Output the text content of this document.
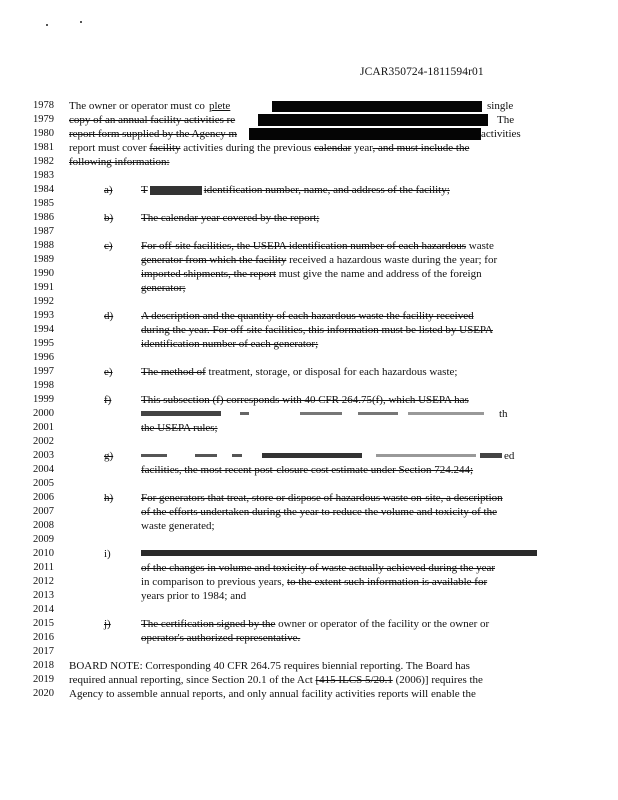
JCAR350724-1811594r01
1978 The owner or operator must co plete	single
1979 copy of an annual facility activities re	The
1980 report form supplied by the Agency m	activities
1981 report must cover facility activities during the previous calendar year, and must include the
1982 following information:
1983
1984	a)	T	identification number, name, and address of the facility;
1985
1986	b)	The calendar year covered by the report;
1987
1988	c)	For off-site facilities, the USEPA identification number of each hazardous waste
1989	generator from which the facility received a hazardous waste during the year; for
1990	imported shipments, the report must give the name and address of the foreign
1991	generator;
1992
1993	d)	A description and the quantity of each hazardous waste the facility received
1994	during the year. For off-site facilities, this information must be listed by USEPA
1995	identification number of each generator;
1996
1997	e)	The method of treatment, storage, or disposal for each hazardous waste;
1998
1999	f)	This subsection (f) corresponds with 40 CFR 264.75(f), which USEPA has
2000	th
2001	the USEPA rules;
2002
2003	g)	ed
2004	facilities, the most recent post-closure cost estimate under Section 724.244;
2005
2006	h)	For generators that treat, store or dispose of hazardous waste on-site, a description
2007	of the efforts undertaken during the year to reduce the volume and toxicity of the
2008	waste generated;
2009
2010	i)
2011	of the changes in volume and toxicity of waste actually achieved during the year
2012	in comparison to previous years, to the extent such information is available for
2013	years prior to 1984; and
2014
2015	j)	The certification signed by the owner or operator of the facility or the owner or
2016	operator's authorized representative.
2017
2018 BOARD NOTE: Corresponding 40 CFR 264.75 requires biennial reporting. The Board has
2019 required annual reporting, since Section 20.1 of the Act [415 ILCS 5/20.1 (2006)] requires the
2020 Agency to assemble annual reports, and only annual facility activities reports will enable the
